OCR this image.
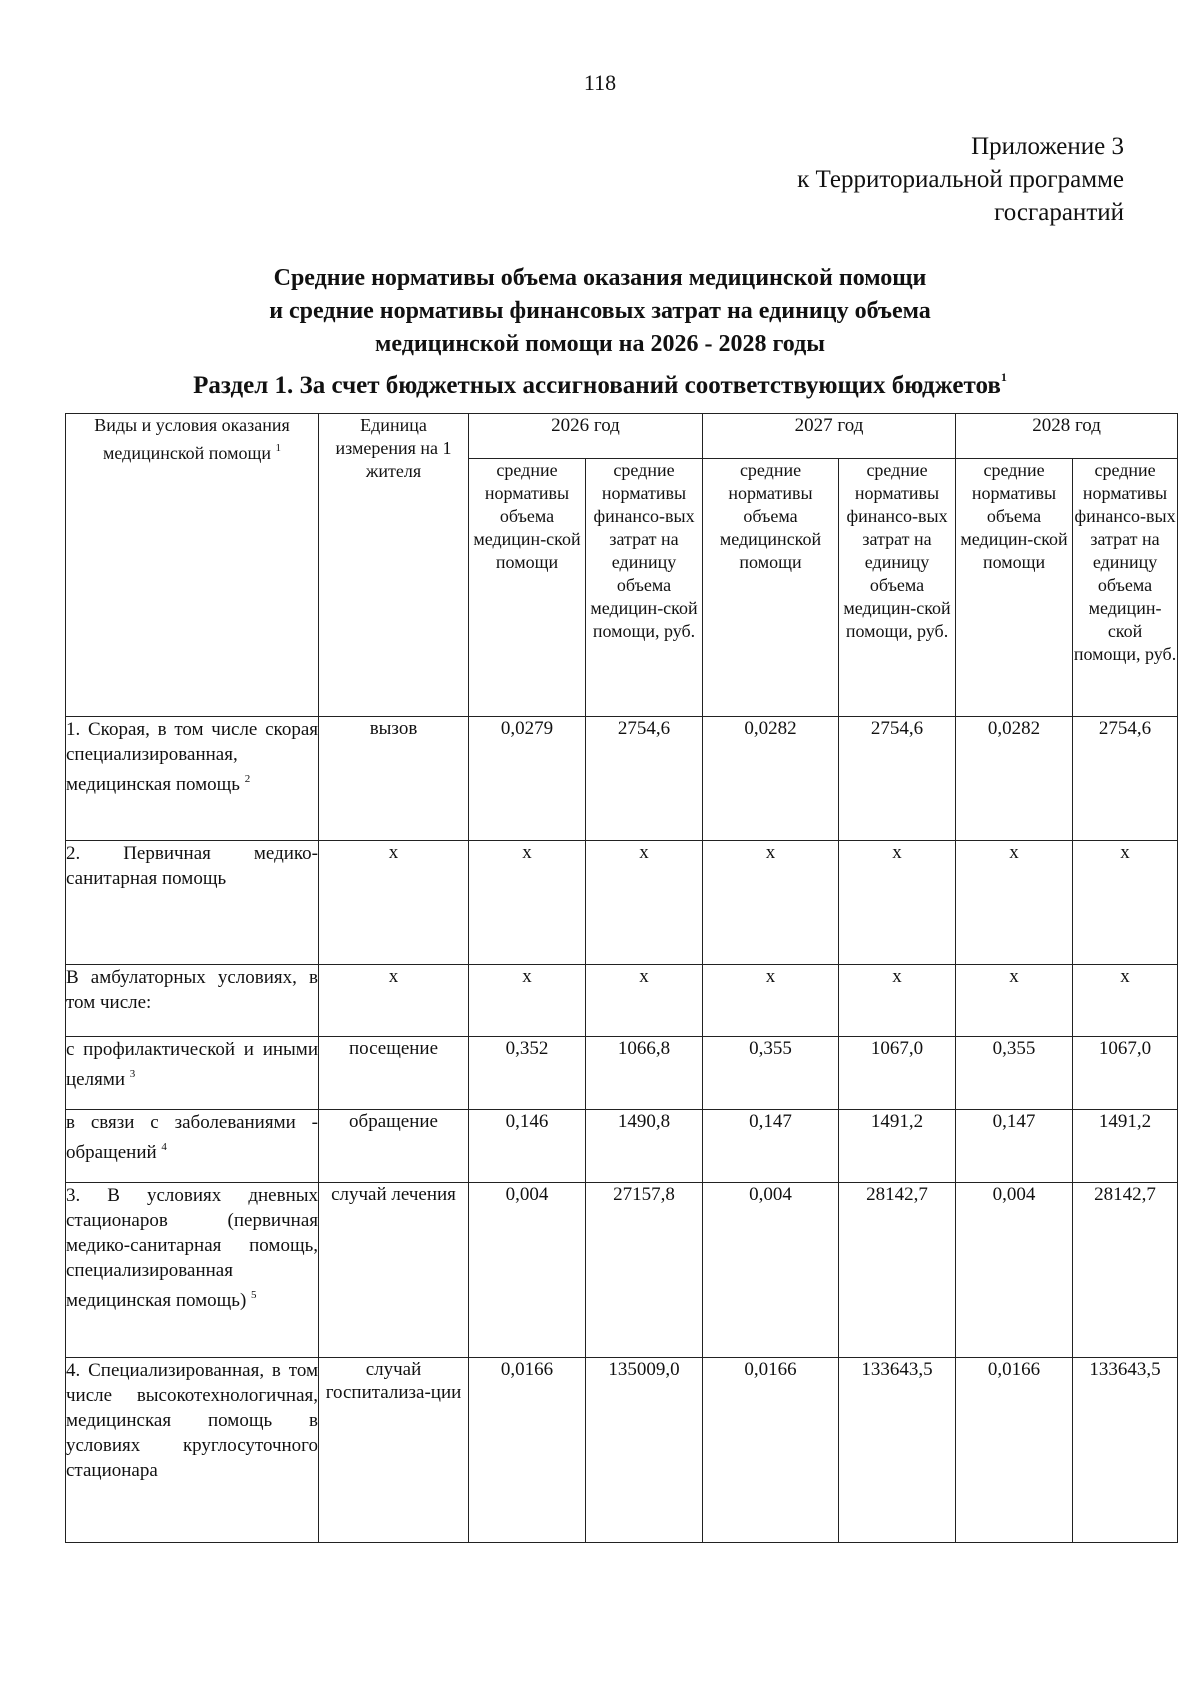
118
Приложение 3
к Территориальной программе
госгарантий
Средние нормативы объема оказания медицинской помощи
и средние нормативы финансовых затрат на единицу объема
медицинской помощи на 2026 - 2028 годы
Раздел 1. За счет бюджетных ассигнований соответствующих бюджетов$^1$
Виды и условия оказания медицинской помощи $^1$	Единица измерения на 1 жителя	2026 год		2027 год		2028 год	
		средние нормативы объема медицин-ской помощи	средние нормативы финансо-вых затрат на единицу объема медицин-ской помощи, руб.	средние нормативы объема медицинской помощи	средние нормативы финансо-вых затрат на единицу объема медицин-ской помощи, руб.	средние нормативы объема медицин-ской помощи	средние нормативы финансо-вых затрат на единицу объема медицин-ской помощи, руб.
1. Скорая, в том числе скорая специализированная, медицинская помощь $^2$	вызов	0,0279	2754,6	0,0282	2754,6	0,0282	2754,6
2. Первичная медико-санитарная помощь	x	x	x	x	x	x	x
В амбулаторных условиях, в том числе:	x	x	x	x	x	x	x
с профилактической и иными целями $^3$	посещение	0,352	1066,8	0,355	1067,0	0,355	1067,0
в связи с заболеваниями - обращений $^4$	обращение	0,146	1490,8	0,147	1491,2	0,147	1491,2
3. В условиях дневных стационаров (первичная медико-санитарная помощь, специализированная медицинская помощь) $^5$	случай лечения	0,004	27157,8	0,004	28142,7	0,004	28142,7
4. Специализированная, в том числе высокотехнологичная, медицинская помощь в условиях круглосуточного стационара	случай госпитализа-ции	0,0166	135009,0	0,0166	133643,5	0,0166	133643,5
